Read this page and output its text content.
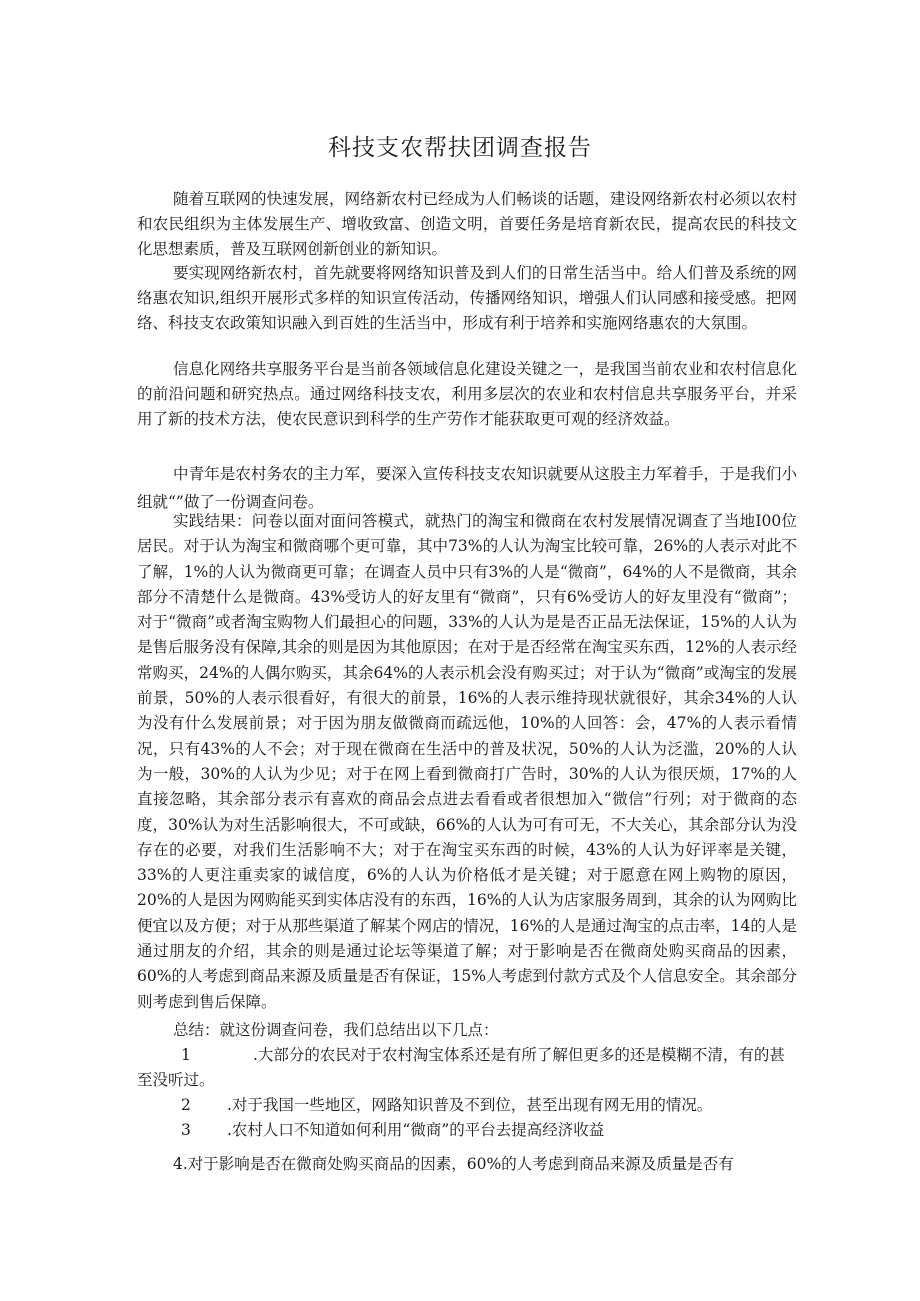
科技支农帮扶团调查报告

随着互联网的快速发展，网络新农村已经成为人们畅谈的话题，建设网络新农村必须以农村和农民组织为主体发展生产、增收致富、创造文明，首要任务是培育新农民，提高农民的科技文化思想素质，普及互联网创新创业的新知识。

要实现网络新农村，首先就要将网络知识普及到人们的日常生活当中。给人们普及系统的网络惠农知识,组织开展形式多样的知识宣传活动，传播网络知识，增强人们认同感和接受感。把网络、科技支农政策知识融入到百姓的生活当中，形成有利于培养和实施网络惠农的大氛围。

信息化网络共享服务平台是当前各领域信息化建设关键之一，是我国当前农业和农村信息化的前沿问题和研究热点。通过网络科技支农，利用多层次的农业和农村信息共享服务平台，并采用了新的技术方法，使农民意识到科学的生产劳作才能获取更可观的经济效益。

中青年是农村务农的主力军，要深入宣传科技支农知识就要从这股主力军着手，于是我们小组就“”做了一份调查问卷。

实践结果：问卷以面对面问答模式，就热门的淘宝和微商在农村发展情况调查了当地I00位居民。对于认为淘宝和微商哪个更可靠，其中73%的人认为淘宝比较可靠，26%的人表示对此不了解，1%的人认为微商更可靠；在调查人员中只有3%的人是“微商”，64%的人不是微商，其余部分不清楚什么是微商。43%受访人的好友里有“微商”，只有6%受访人的好友里没有“微商”；对于“微商”或者淘宝购物人们最担心的问题，33%的人认为是是否正品无法保证，15%的人认为是售后服务没有保障,其余的则是因为其他原因；在对于是否经常在淘宝买东西，12%的人表示经常购买，24%的人偶尔购买，其余64%的人表示机会没有购买过；对于认为“微商”或淘宝的发展前景，50%的人表示很看好，有很大的前景，16%的人表示维持现状就很好，其余34%的人认为没有什么发展前景；对于因为朋友做微商而疏远他，10%的人回答：会，47%的人表示看情况，只有43%的人不会；对于现在微商在生活中的普及状况，50%的人认为泛滥，20%的人认为一般，30%的人认为少见；对于在网上看到微商打广告时，30%的人认为很厌烦，17%的人直接忽略，其余部分表示有喜欢的商品会点进去看看或者很想加入“微信”行列；对于微商的态度，30%认为对生活影响很大，不可或缺，66%的人认为可有可无，不大关心，其余部分认为没存在的必要，对我们生活影响不大；对于在淘宝买东西的时候，43%的人认为好评率是关键，33%的人更注重卖家的诚信度，6%的人认为价格低才是关键；对于愿意在网上购物的原因，20%的人是因为网购能买到实体店没有的东西，16%的人认为店家服务周到，其余的认为网购比便宜以及方便；对于从那些渠道了解某个网店的情况，16%的人是通过淘宝的点击率，14的人是通过朋友的介绍，其余的则是通过论坛等渠道了解；对于影响是否在微商处购买商品的因素，60%的人考虑到商品来源及质量是否有保证，15%人考虑到付款方式及个人信息安全。其余部分则考虑到售后保障。

总结：就这份调查问卷，我们总结出以下几点：

1	.大部分的农民对于农村淘宝体系还是有所了解但更多的还是模糊不清，有的甚至没听过。

2 .对于我国一些地区，网路知识普及不到位，甚至出现有网无用的情况。

3 .农村人口不知道如何利用“微商”的平台去提高经济收益

4.对于影响是否在微商处购买商品的因素，60%的人考虑到商品来源及质量是否有
